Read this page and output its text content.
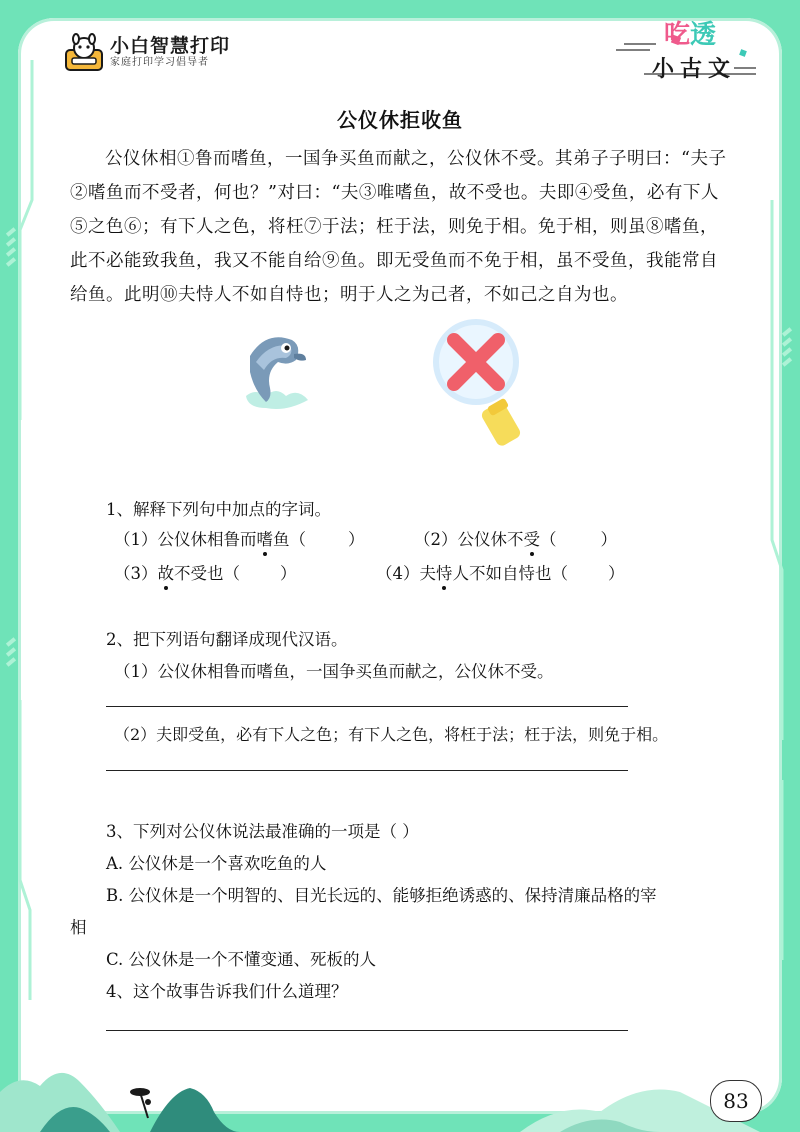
小白智慧打印
家庭打印学习倡导者
吃透
小古文
公仪休拒收鱼
公仪休相①鲁而嗜鱼，一国争买鱼而献之，公仪休不受。其弟子子明曰：“夫子②嗜鱼而不受者，何也？”对曰：“夫③唯嗜鱼，故不受也。夫即④受鱼，必有下人⑤之色⑥；有下人之色，将枉⑦于法；枉于法，则免于相。免于相，则虽⑧嗜鱼，此不必能致我鱼，我又不能自给⑨鱼。即无受鱼而不免于相，虽不受鱼，我能常自给鱼。此明⑩夫恃人不如自恃也；明于人之为己者，不如己之自为也。
1、解释下列句中加点的字词。
（1）公仪休相鲁而嗜鱼（	）	（2）公仪休不受（	）
（3）故不受也（ ）	（4）夫恃人不如自恃也（ ）
2、把下列语句翻译成现代汉语。
（1）公仪休相鲁而嗜鱼，一国争买鱼而献之，公仪休不受。
（2）夫即受鱼，必有下人之色；有下人之色，将枉于法；枉于法，则免于相。
3、下列对公仪休说法最准确的一项是（ ）
A. 公仪休是一个喜欢吃鱼的人
B. 公仪休是一个明智的、目光长远的、能够拒绝诱惑的、保持清廉品格的宰
相
C. 公仪休是一个不懂变通、死板的人
4、这个故事告诉我们什么道理？
83
